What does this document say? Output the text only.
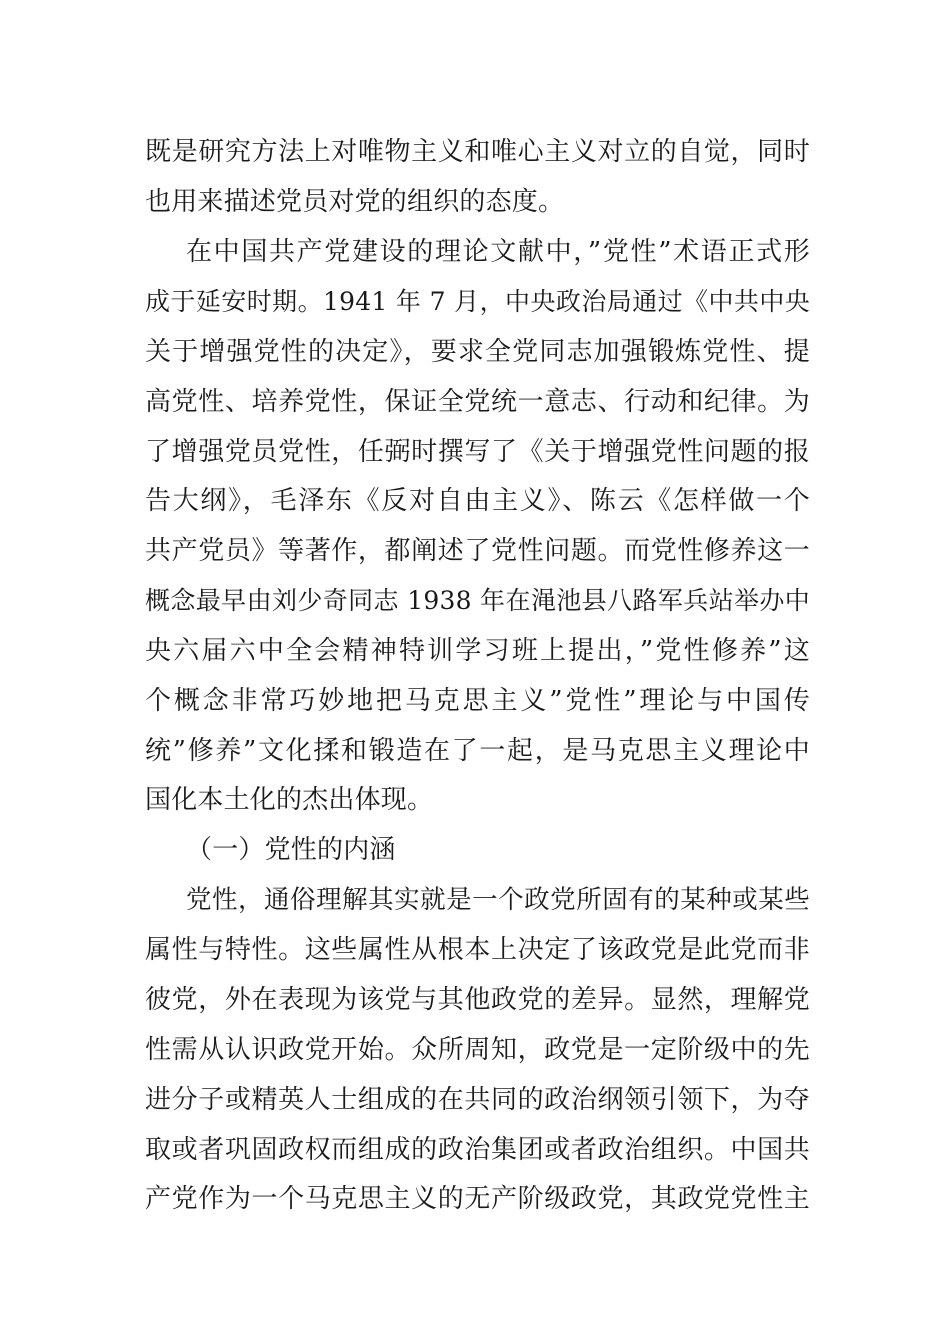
既是研究方法上对唯物主义和唯心主义对立的自觉，同时
也用来描述党员对党的组织的态度。
在中国共产党建设的理论文献中，”党性”术语正式形
成于延安时期。1941 年 7 月，中央政治局通过《中共中央
关于增强党性的决定》，要求全党同志加强锻炼党性、提
高党性、培养党性，保证全党统一意志、行动和纪律。为
了增强党员党性，任弼时撰写了《关于增强党性问题的报
告大纲》，毛泽东《反对自由主义》、陈云《怎样做一个
共产党员》等著作，都阐述了党性问题。而党性修养这一
概念最早由刘少奇同志 1938 年在渑池县八路军兵站举办中
央六届六中全会精神特训学习班上提出，”党性修养”这
个概念非常巧妙地把马克思主义”党性”理论与中国传
统”修养”文化揉和锻造在了一起，是马克思主义理论中
国化本土化的杰出体现。
（一）党性的内涵
党性，通俗理解其实就是一个政党所固有的某种或某些
属性与特性。这些属性从根本上决定了该政党是此党而非
彼党，外在表现为该党与其他政党的差异。显然，理解党
性需从认识政党开始。众所周知，政党是一定阶级中的先
进分子或精英人士组成的在共同的政治纲领引领下，为夺
取或者巩固政权而组成的政治集团或者政治组织。中国共
产党作为一个马克思主义的无产阶级政党，其政党党性主
